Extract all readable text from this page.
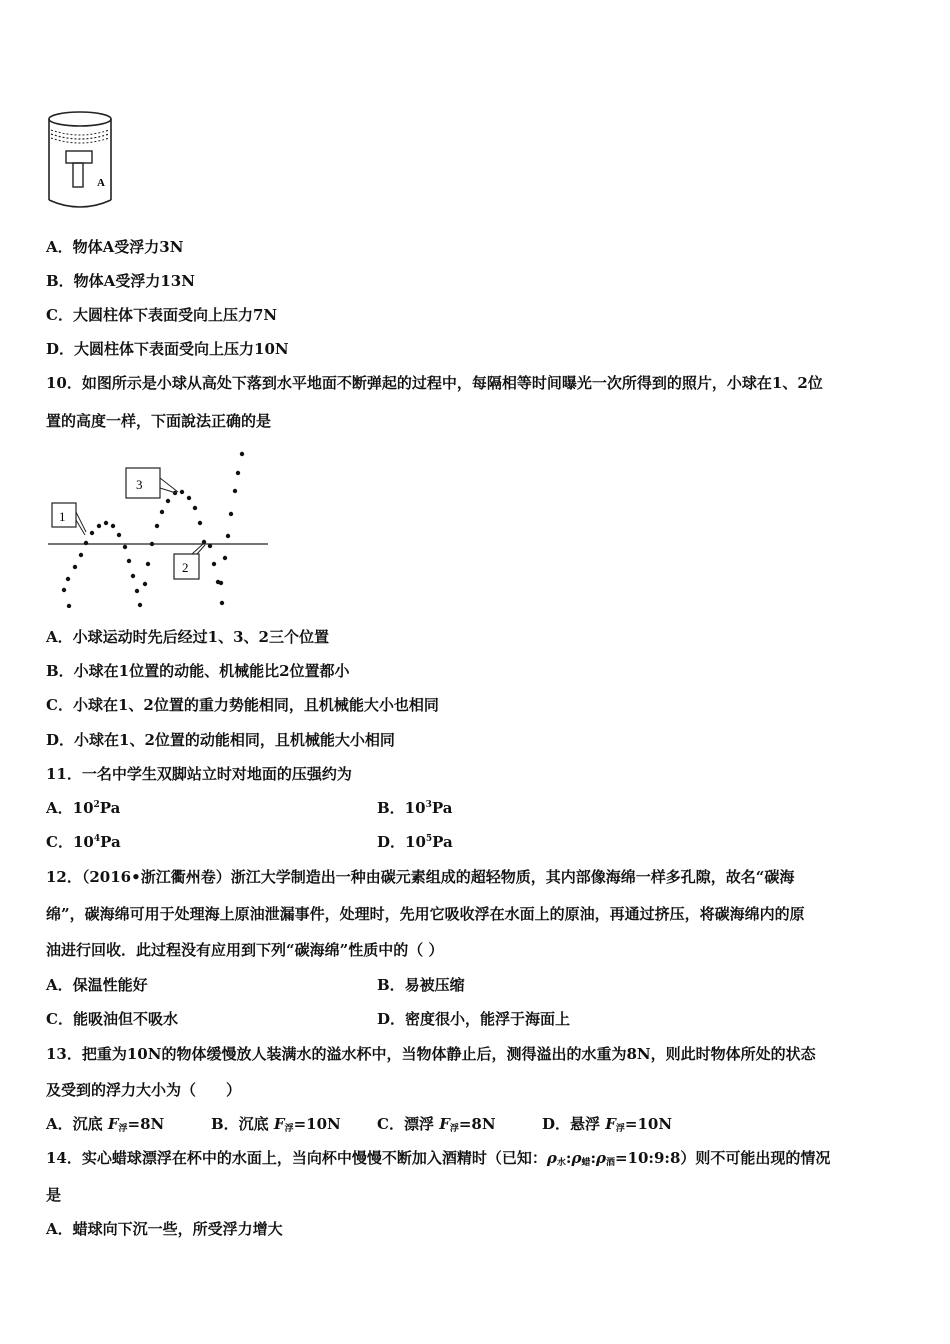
A
A．物体A受浮力3N
B．物体A受浮力13N
C．大圆柱体下表面受向上压力7N
D．大圆柱体下表面受向上压力10N
10．如图所示是小球从高处下落到水平地面不断弹起的过程中，每隔相等时间曝光一次所得到的照片，小球在1、2位
置的高度一样，下面說法正确的是
1
3
2
A．小球运动时先后经过1、3、2三个位置
B．小球在1位置的动能、机械能比2位置都小
C．小球在1、2位置的重力势能相同，且机械能大小也相同
D．小球在1、2位置的动能相同，且机械能大小相同
11．一名中学生双脚站立时对地面的压强约为
A．$10^2Pa$	B．$10^3Pa$
C．$10^4Pa$	D．$10^5Pa$
12．（2016•浙江衢州卷）浙江大学制造出一种由碳元素组成的超轻物质，其内部像海绵一样多孔隙，故名“碳海
绵”，碳海绵可用于处理海上原油泄漏事件，处理时，先用它吸收浮在水面上的原油，再通过挤压，将碳海绵内的原
油进行回收．此过程没有应用到下列“碳海绵”性质中的（ ）
A．保温性能好	B．易被压缩
C．能吸油但不吸水	D．密度很小，能浮于海面上
13．把重为10N的物体缓慢放人装满水的溢水杯中，当物体静止后，测得溢出的水重为8N，则此时物体所处的状态
及受到的浮力大小为（　　）
A．沉底 $F_浮=8N$	B．沉底 $F_浮=10N$ C．漂浮 $F_浮=8N$	D．悬浮 $F_浮=10N$
14．实心蜡球漂浮在杯中的水面上，当向杯中慢慢不断加入酒精时（已知：$\rho_水:\rho_蜡:\rho_酒=10:9:8$）则不可能出现的情况
是
A．蜡球向下沉一些，所受浮力增大
